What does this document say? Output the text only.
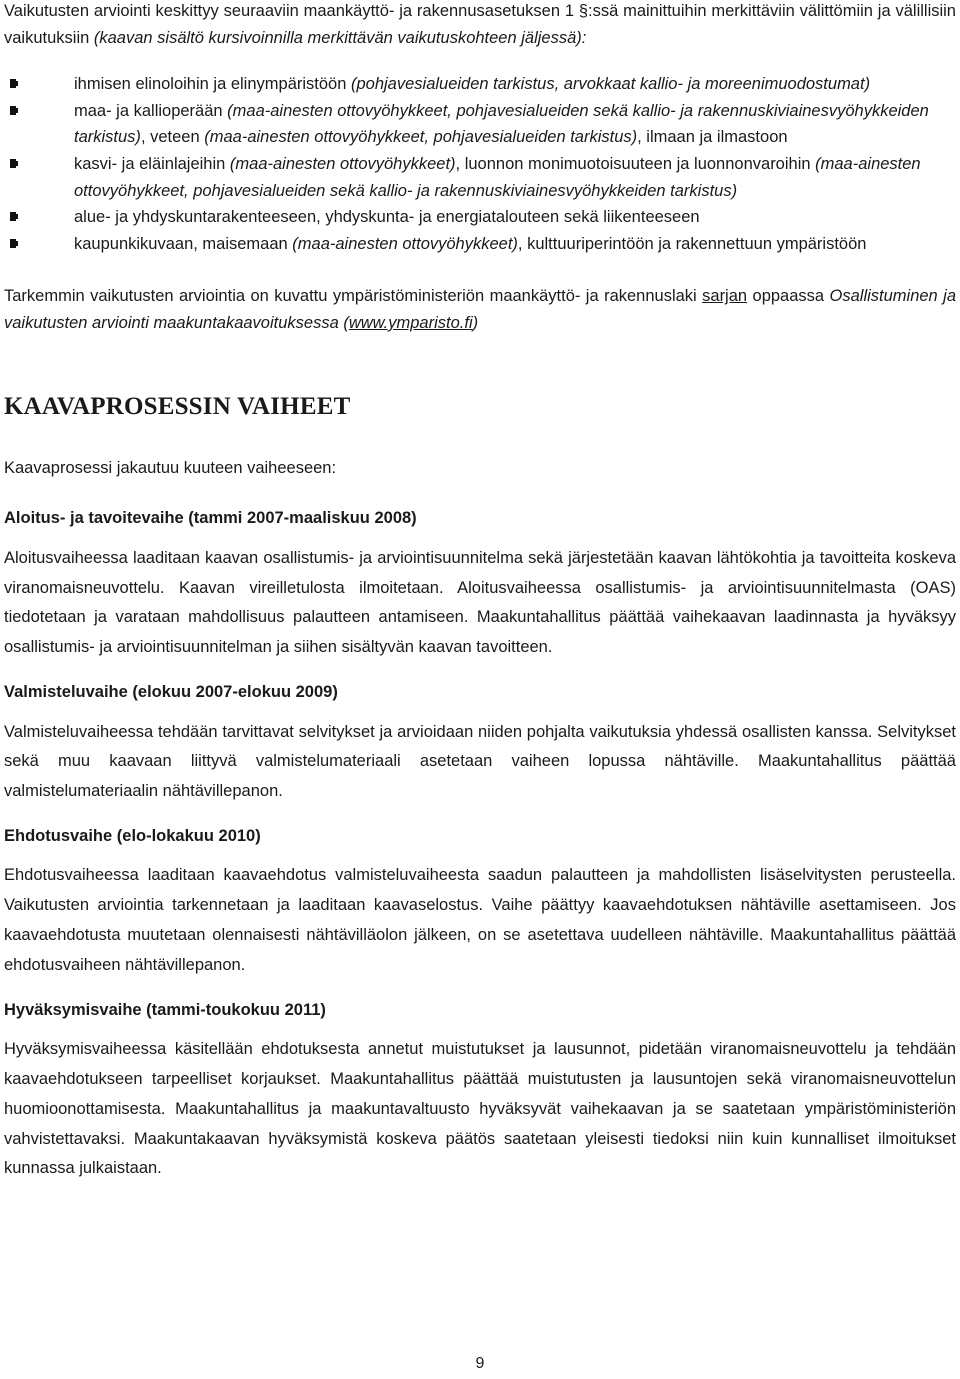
Vaikutusten arviointi keskittyy seuraaviin maankäyttö- ja rakennusasetuksen 1 §:ssä mainittuihin merkittäviin välittömiin ja välillisiin vaikutuksiin (kaavan sisältö kursivoinnilla merkittävän vaikutuskohteen jäljessä):

ihmisen elinoloihin ja elinympäristöön (pohjavesialueiden tarkistus, arvokkaat kallio- ja moreenimuodostumat)
maa- ja kallioperään (maa-ainesten ottovyöhykkeet, pohjavesialueiden sekä kallio- ja rakennuskiviainesvyöhykkeiden tarkistus), veteen (maa-ainesten ottovyöhykkeet, pohjavesialueiden tarkistus), ilmaan ja ilmastoon
kasvi- ja eläinlajeihin (maa-ainesten ottovyöhykkeet), luonnon monimuotoisuuteen ja luonnonvaroihin (maa-ainesten ottovyöhykkeet, pohjavesialueiden sekä kallio- ja rakennuskiviainesvyöhykkeiden tarkistus)
alue- ja yhdyskuntarakenteeseen, yhdyskunta- ja energiatalouteen sekä liikenteeseen
kaupunkikuvaan, maisemaan (maa-ainesten ottovyöhykkeet), kulttuuriperintöön ja rakennettuun ympäristöön

Tarkemmin vaikutusten arviointia on kuvattu ympäristöministeriön maankäyttö- ja rakennuslaki sarjan oppaassa Osallistuminen ja vaikutusten arviointi maakuntakaavoituksessa (www.ymparisto.fi)

KAAVAPROSESSIN VAIHEET

Kaavaprosessi jakautuu kuuteen vaiheeseen:

Aloitus- ja tavoitevaihe (tammi 2007-maaliskuu 2008)

Aloitusvaiheessa laaditaan kaavan osallistumis- ja arviointisuunnitelma sekä järjestetään kaavan lähtökohtia ja tavoitteita koskeva viranomaisneuvottelu. Kaavan vireilletulosta ilmoitetaan. Aloitusvaiheessa osallistumis- ja arviointisuunnitelmasta (OAS) tiedotetaan ja varataan mahdollisuus palautteen antamiseen. Maakuntahallitus päättää vaihekaavan laadinnasta ja hyväksyy osallistumis- ja arviointisuunnitelman ja siihen sisältyvän kaavan tavoitteen.

Valmisteluvaihe (elokuu 2007-elokuu 2009)

Valmisteluvaiheessa tehdään tarvittavat selvitykset ja arvioidaan niiden pohjalta vaikutuksia yhdessä osallisten kanssa. Selvitykset sekä muu kaavaan liittyvä valmistelumateriaali asetetaan vaiheen lopussa nähtäville. Maakuntahallitus päättää valmistelumateriaalin nähtävillepanon.

Ehdotusvaihe (elo-lokakuu 2010)

Ehdotusvaiheessa laaditaan kaavaehdotus valmisteluvaiheesta saadun palautteen ja mahdollisten lisäselvitysten perusteella. Vaikutusten arviointia tarkennetaan ja laaditaan kaavaselostus. Vaihe päättyy kaavaehdotuksen nähtäville asettamiseen. Jos kaavaehdotusta muutetaan olennaisesti nähtävilläolon jälkeen, on se asetettava uudelleen nähtäville. Maakuntahallitus päättää ehdotusvaiheen nähtävillepanon.

Hyväksymisvaihe (tammi-toukokuu 2011)

Hyväksymisvaiheessa käsitellään ehdotuksesta annetut muistutukset ja lausunnot, pidetään viranomaisneuvottelu ja tehdään kaavaehdotukseen tarpeelliset korjaukset. Maakuntahallitus päättää muistutusten ja lausuntojen sekä viranomaisneuvottelun huomioonottamisesta. Maakuntahallitus ja maakuntavaltuusto hyväksyvät vaihekaavan ja se saatetaan ympäristöministeriön vahvistettavaksi. Maakuntakaavan hyväksymistä koskeva päätös saatetaan yleisesti tiedoksi niin kuin kunnalliset ilmoitukset kunnassa julkaistaan.

9
